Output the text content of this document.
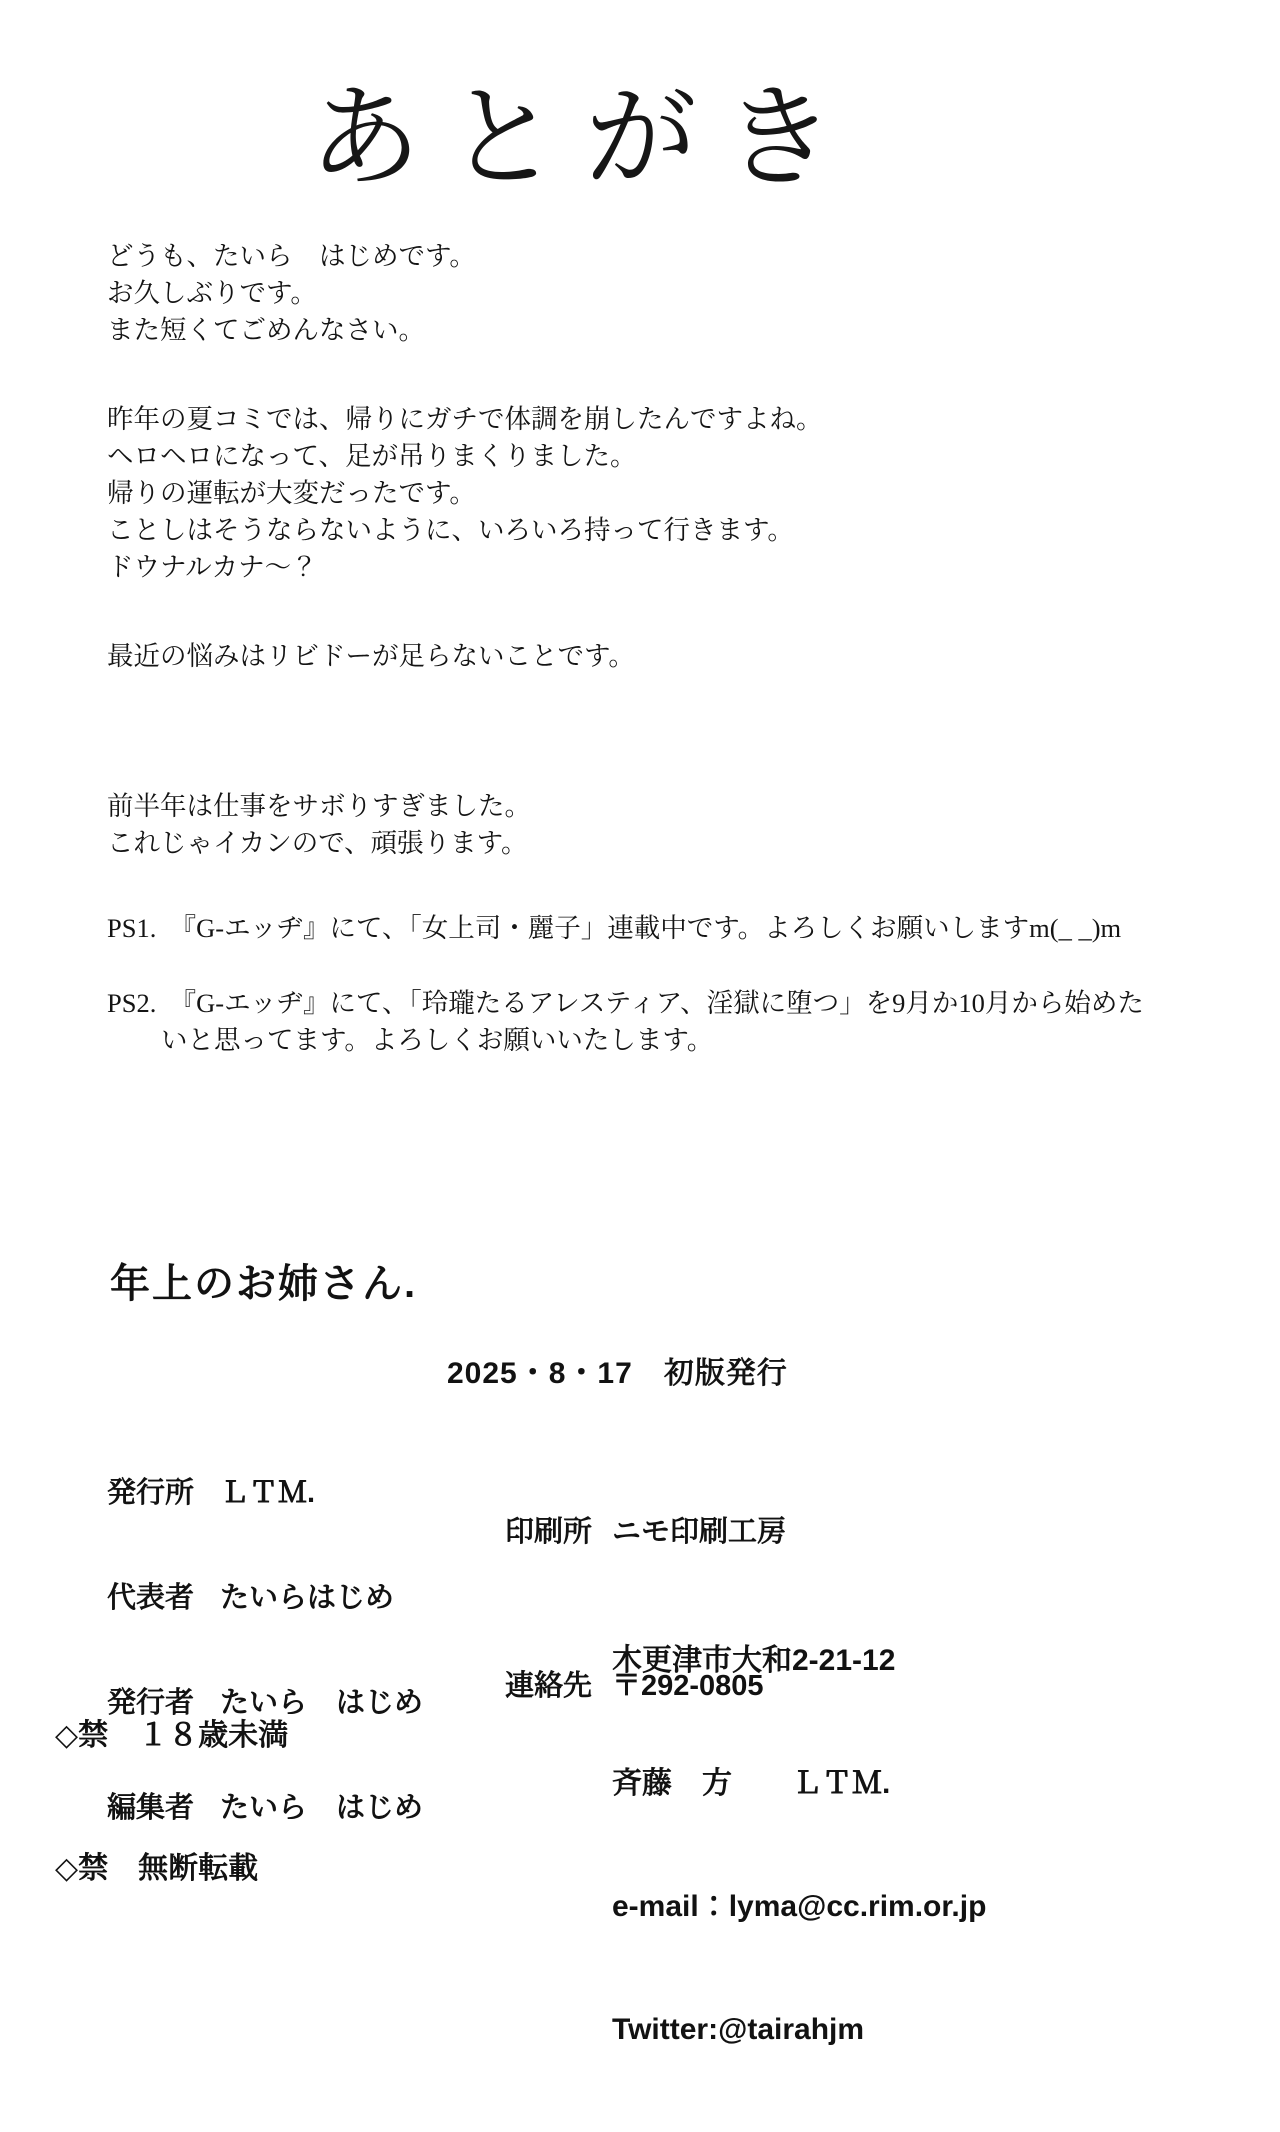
あとがき
どうも、たいら　はじめです。
お久しぶりです。
また短くてごめんなさい。
昨年の夏コミでは、帰りにガチで体調を崩したんですよね。
ヘロヘロになって、足が吊りまくりました。
帰りの運転が大変だったです。
ことしはそうならないように、いろいろ持って行きます。
ドウナルカナ～？
最近の悩みはリビドーが足らないことです。
前半年は仕事をサボりすぎました。
これじゃイカンので、頑張ります。
PS1.　『G-エッヂ』にて、「女上司・麗子」連載中です。よろしくお願いしますm(_ _)m
PS2.　『G-エッヂ』にて、「玲瓏たるアレスティア、淫獄に堕つ」を9月か10月から始めた
いと思ってます。よろしくお願いいたします。
年上のお姉さん.
2025・8・17　初版発行

発行所 ＬＴＭ.

代表者 たいらはじめ

発行者 たいら　はじめ

編集者 たいら　はじめ

印刷所 ニモ印刷工房

連絡先 〒292-0805

木更津市大和2-21-12

斉藤　方　　ＬＴＭ.

e-mail：lyma@cc.rim.or.jp

Twitter:@tairahjm

◇禁　１８歳未満

◇禁　無断転載
